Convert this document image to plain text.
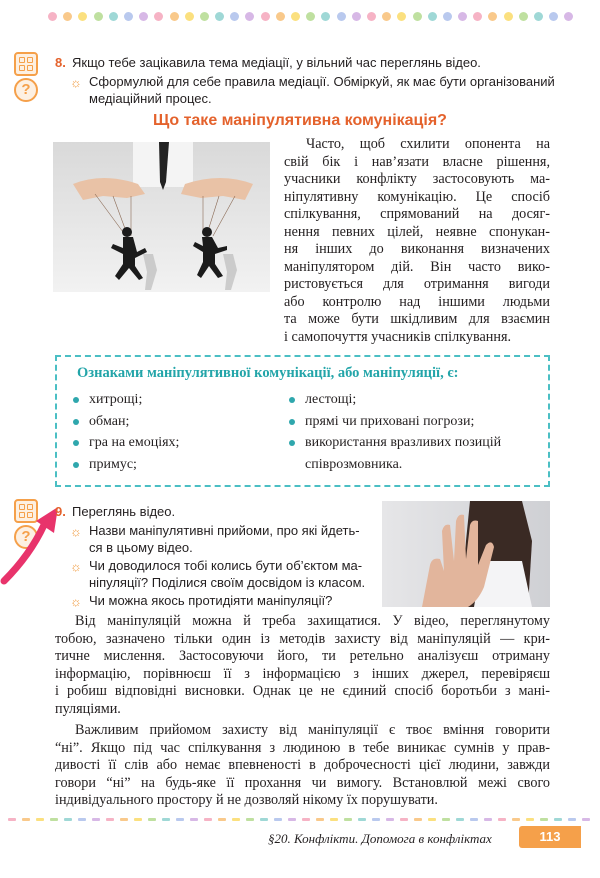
?
8. Якщо тебе зацікавила тема медіації, у вільний час переглянь відео.
☼ Сформулюй для себе правила медіації. Обміркуй, як має бути організований
медіаційний процес.
Що таке маніпулятивна комунікація?
Часто, щоб схилити опонента на
свій бік і нав’язати власне рішення,
учасники конфлікту застосовують ма-
ніпулятивну комунікацію. Це спосіб
спілкування, спрямований на досяг-
нення певних цілей, неявне спонукан-
ня інших до виконання визначених
маніпулятором дій. Він часто вико-
ристовується для отримання вигоди
або контролю над іншими людьми
та може бути шкідливим для взаємин
і самопочуття учасників спілкування.
Ознаками маніпулятивної комунікації, або маніпуляції, є:
хитрощі;
обман;
гра на емоціях;
примус;
лестощі;
прямі чи приховані погрози;
використання вразливих позицій співрозмовника.
?
9. Переглянь відео.
☼ Назви маніпулятивні прийоми, про які йдеть-
ся в цьому відео.
☼ Чи доводилося тобі колись бути об’єктом ма-
ніпуляції? Поділися своїм досвідом із класом.
☼ Чи можна якось протидіяти маніпуляції?
Від маніпуляцій можна й треба захищатися. У відео, переглянутому
тобою, зазначено тільки один із методів захисту від маніпуляцій — кри-
тичне мислення. Застосовуючи його, ти ретельно аналізуєш отриману
інформацію, порівнюєш її з інформацією з інших джерел, перевіряєш
і робиш відповідні висновки. Однак це не єдиний спосіб боротьби з мані-
пуляціями.
Важливим прийомом захисту від маніпуляції є твоє вміння говорити
“ні”. Якщо під час спілкування з людиною в тебе виникає сумнів у прав-
дивості її слів або немає впевненості в доброчесності цієї людини, завжди
говори “ні” на будь-яке її прохання чи вимогу. Встановлюй межі свого
індивідуального простору й не дозволяй нікому їх порушувати.
§20. Конфлікти. Допомога в конфліктах	113
